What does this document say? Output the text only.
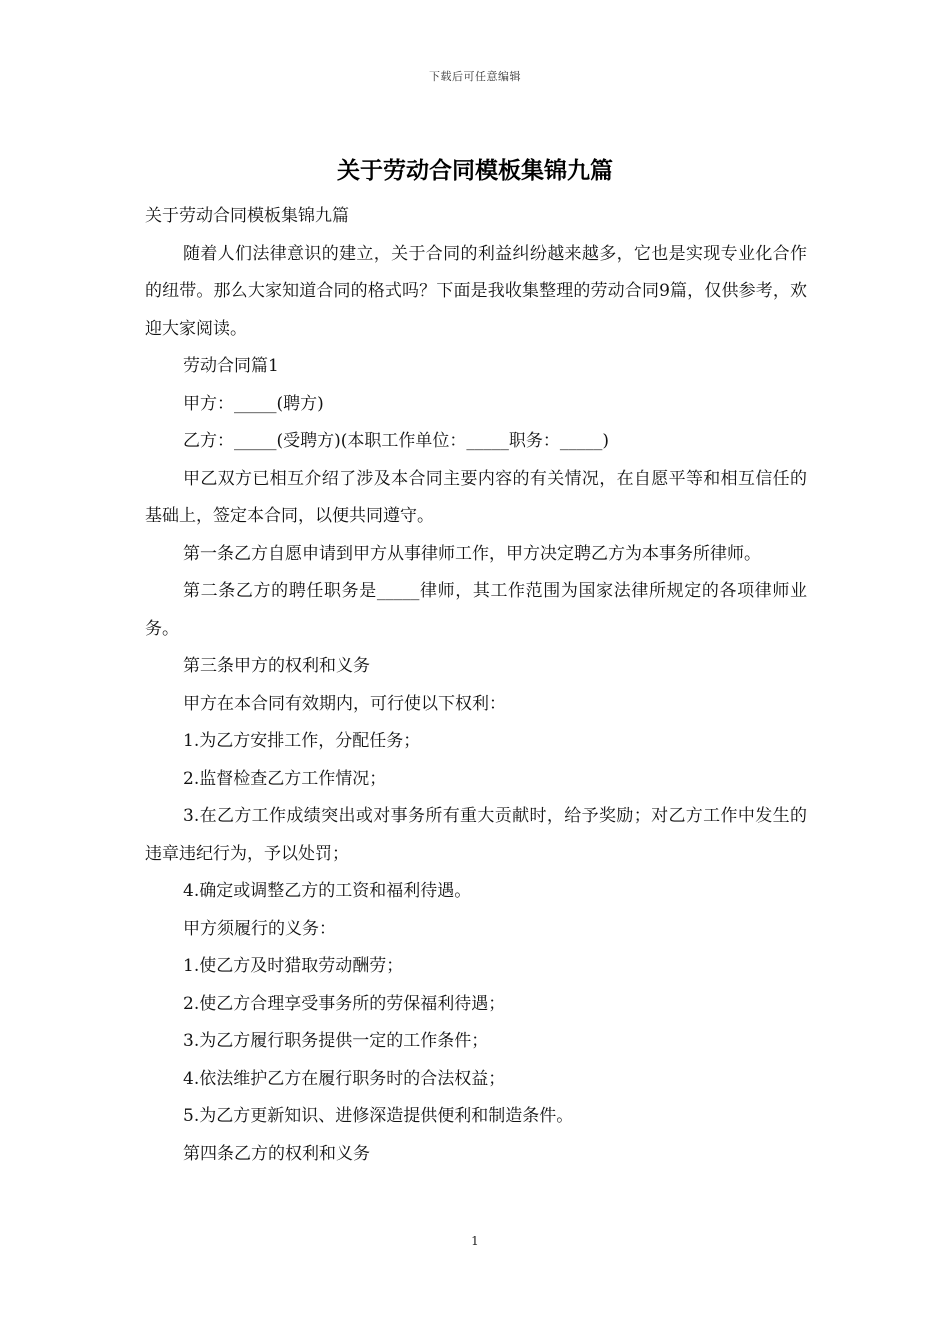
下载后可任意编辑
关于劳动合同模板集锦九篇

关于劳动合同模板集锦九篇

随着人们法律意识的建立，关于合同的利益纠纷越来越多，它也是实现专业化合作的纽带。那么大家知道合同的格式吗？下面是我收集整理的劳动合同9篇，仅供参考，欢迎大家阅读。

劳动合同篇1

甲方：_____(聘方)

乙方：_____(受聘方)(本职工作单位：_____职务：_____)

甲乙双方已相互介绍了涉及本合同主要内容的有关情况，在自愿平等和相互信任的基础上，签定本合同，以便共同遵守。

第一条乙方自愿申请到甲方从事律师工作，甲方决定聘乙方为本事务所律师。

第二条乙方的聘任职务是_____律师，其工作范围为国家法律所规定的各项律师业务。

第三条甲方的权利和义务

甲方在本合同有效期内，可行使以下权利：

1.为乙方安排工作，分配任务；

2.监督检查乙方工作情况；

3.在乙方工作成绩突出或对事务所有重大贡献时，给予奖励；对乙方工作中发生的违章违纪行为，予以处罚；

4.确定或调整乙方的工资和福利待遇。

甲方须履行的义务：

1.使乙方及时猎取劳动酬劳；

2.使乙方合理享受事务所的劳保福利待遇；

3.为乙方履行职务提供一定的工作条件；

4.依法维护乙方在履行职务时的合法权益；

5.为乙方更新知识、进修深造提供便利和制造条件。

第四条乙方的权利和义务

1
